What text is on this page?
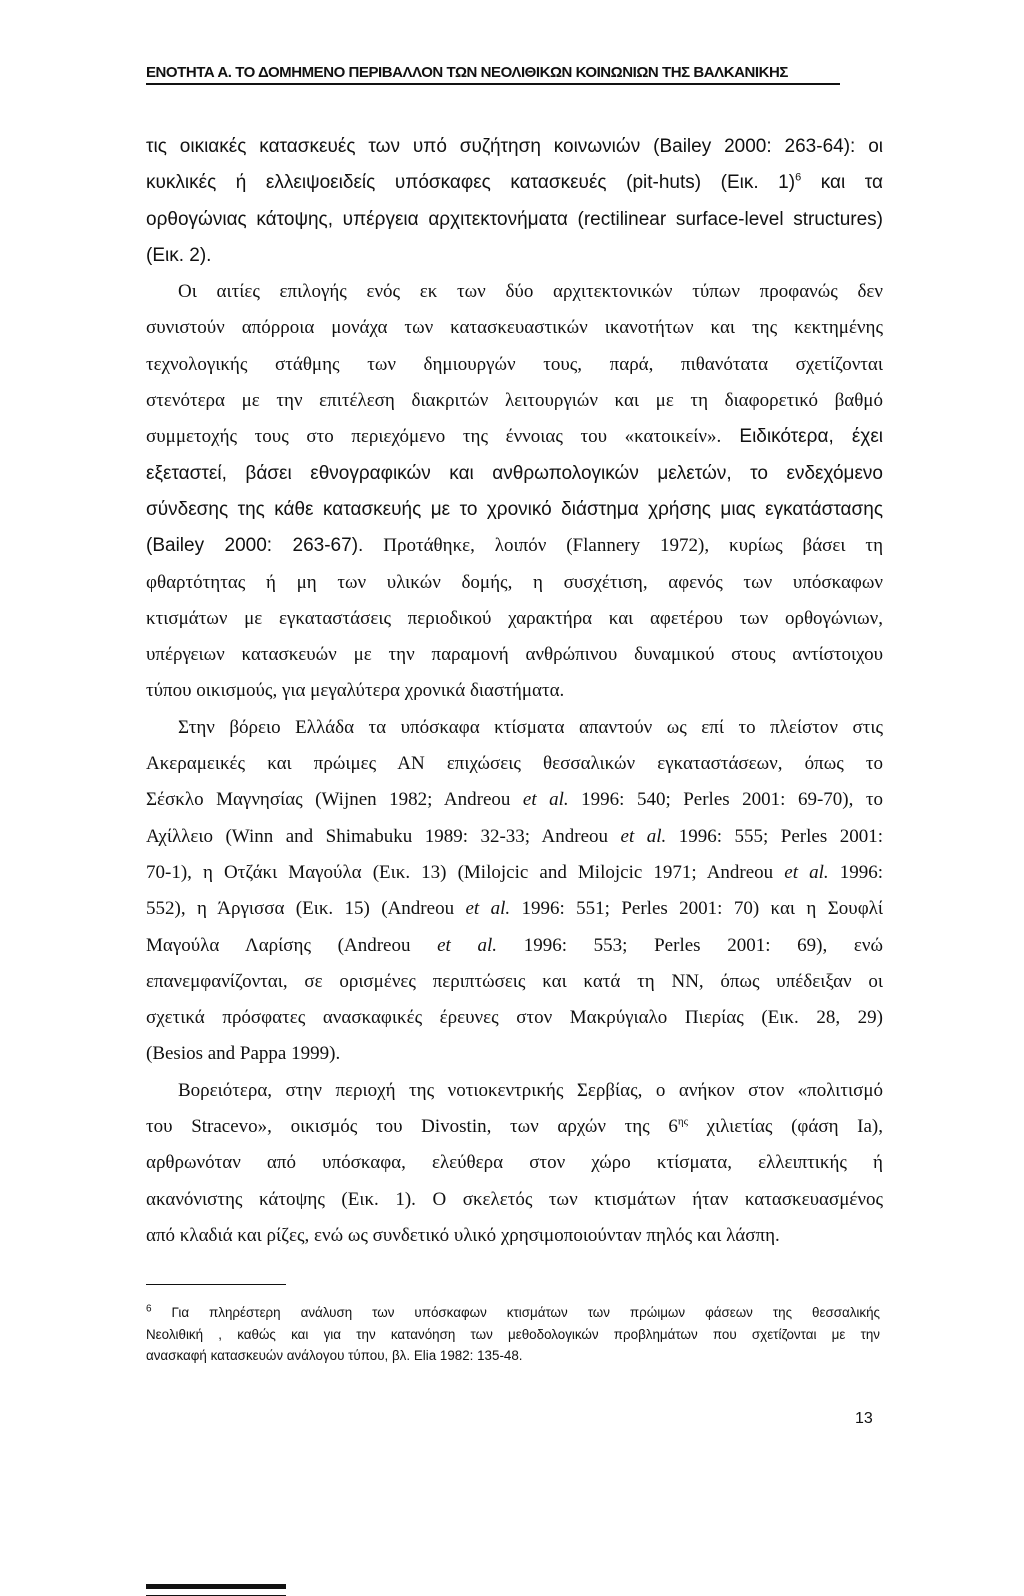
ΕΝΟΤΗΤΑ Α. ΤΟ ΔΟΜΗΜΕΝΟ ΠΕΡΙΒΑΛΛΟΝ ΤΩΝ ΝΕΟΛΙΘΙΚΩΝ ΚΟΙΝΩΝΙΩΝ ΤΗΣ ΒΑΛΚΑΝΙΚΗΣ

τις οικιακές κατασκευές των υπό συζήτηση κοινωνιών (Bailey 2000: 263-64): οι

κυκλικές ή ελλειψοειδείς υπόσκαφες κατασκευές (pit-huts) (Εικ. 1)$^6$ και τα

ορθογώνιας κάτοψης, υπέργεια αρχιτεκτονήματα (rectilinear surface-level structures)

(Εικ. 2).

Οι αιτίες επιλογής ενός εκ των δύο αρχιτεκτονικών τύπων προφανώς δεν

συνιστούν απόρροια μονάχα των κατασκευαστικών ικανοτήτων και της κεκτημένης

τεχνολογικής στάθμης των δημιουργών τους, παρά, πιθανότατα σχετίζονται

στενότερα με την επιτέλεση διακριτών λειτουργιών και με τη διαφορετικό βαθμό

συμμετοχής τους στο περιεχόμενο της έννοιας του «κατοικείν». Ειδικότερα, έχει

εξεταστεί, βάσει εθνογραφικών και ανθρωπολογικών μελετών, το ενδεχόμενο

σύνδεσης της κάθε κατασκευής με το χρονικό διάστημα χρήσης μιας εγκατάστασης

(Bailey 2000: 263-67). Προτάθηκε, λοιπόν (Flannery 1972), κυρίως βάσει τη

φθαρτότητας ή μη των υλικών δομής, η συσχέτιση, αφενός των υπόσκαφων

κτισμάτων με εγκαταστάσεις περιοδικού χαρακτήρα και αφετέρου των ορθογώνιων,

υπέργειων κατασκευών με την παραμονή ανθρώπινου δυναμικού στους αντίστοιχου

τύπου οικισμούς, για μεγαλύτερα χρονικά διαστήματα.

Στην βόρειο Ελλάδα τα υπόσκαφα κτίσματα απαντούν ως επί το πλείστον στις

Ακεραμεικές και πρώιμες ΑΝ επιχώσεις θεσσαλικών εγκαταστάσεων, όπως το

Σέσκλο Μαγνησίας (Wijnen 1982; Andreou et al. 1996: 540; Perles 2001: 69-70), το

Αχίλλειο (Winn and Shimabuku 1989: 32-33; Andreou et al. 1996: 555; Perles 2001:

70-1), η Οτζάκι Μαγούλα (Εικ. 13) (Milojcic and Milojcic 1971; Andreou et al. 1996:

552), η Άργισσα (Εικ. 15) (Andreou et al. 1996: 551; Perles 2001: 70) και η Σουφλί

Μαγούλα Λαρίσης (Andreou et al. 1996: 553; Perles 2001: 69), ενώ

επανεμφανίζονται, σε ορισμένες περιπτώσεις και κατά τη ΝΝ, όπως υπέδειξαν οι

σχετικά πρόσφατες ανασκαφικές έρευνες στον Μακρύγιαλο Πιερίας (Εικ. 28, 29)

(Besios and Pappa 1999).

Βορειότερα, στην περιοχή της νοτιοκεντρικής Σερβίας, ο ανήκον στον «πολιτισμό

του Stracevo», οικισμός του Divostin, των αρχών της $6^{\eta\varsigma}$ χιλιετίας (φάση Ia),

αρθρωνόταν από υπόσκαφα, ελεύθερα στον χώρο κτίσματα, ελλειπτικής ή

ακανόνιστης κάτοψης (Εικ. 1). Ο σκελετός των κτισμάτων ήταν κατασκευασμένος

από κλαδιά και ρίζες, ενώ ως συνδετικό υλικό χρησιμοποιούνταν πηλός και λάσπη.

$^6$ Για πληρέστερη ανάλυση των υπόσκαφων κτισμάτων των πρώιμων φάσεων της θεσσαλικής

Νεολιθική , καθώς και για την κατανόηση των μεθοδολογικών προβλημάτων που σχετίζονται με την

ανασκαφή κατασκευών ανάλογου τύπου, βλ. Elia 1982: 135-48.

13
